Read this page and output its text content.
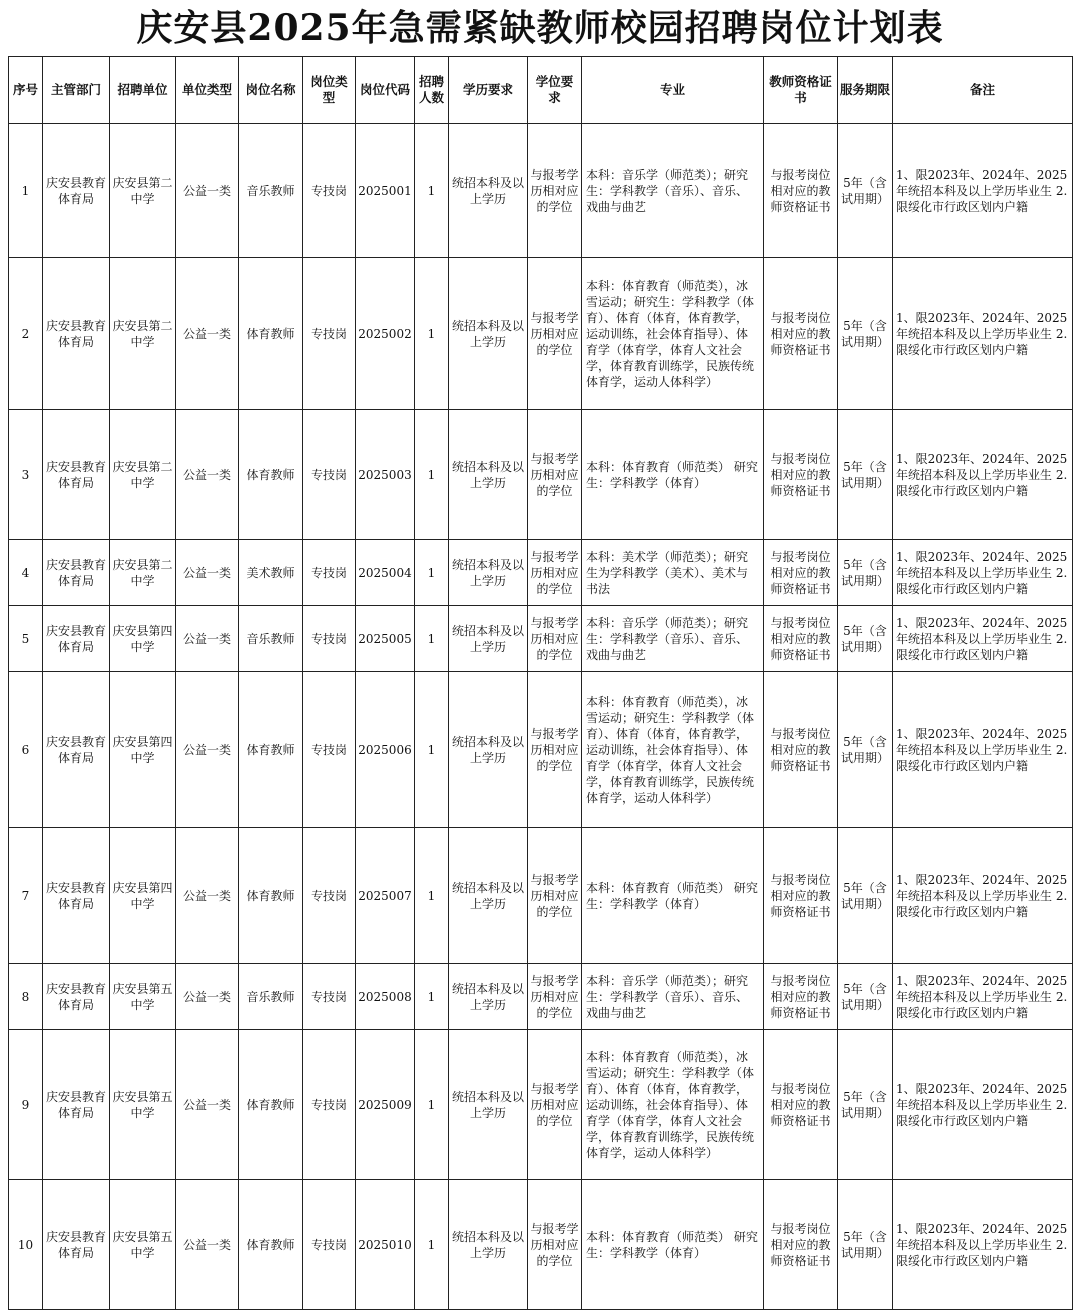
庆安县2025年急需紧缺教师校园招聘岗位计划表
序号	主管部门	招聘单位	单位类型	岗位名称	岗位类型	岗位代码	招聘人数	学历要求	学位要求	专业	教师资格证书	服务期限	备注
1	庆安县教育体育局	庆安县第二中学	公益一类	音乐教师	专技岗	2025001	1	统招本科及以上学历	与报考学历相对应的学位	本科：音乐学（师范类）；研究生：学科教学（音乐）、音乐、戏曲与曲艺	与报考岗位相对应的教师资格证书	5年（含试用期）	1、限2023年、2024年、2025年统招本科及以上学历毕业生 2. 限绥化市行政区划内户籍
2	庆安县教育体育局	庆安县第二中学	公益一类	体育教师	专技岗	2025002	1	统招本科及以上学历	与报考学历相对应的学位	本科：体育教育（师范类），冰雪运动；研究生：学科教学（体育）、体育（体育，体育教学，运动训练，社会体育指导）、体育学（体育学，体育人文社会学，体育教育训练学，民族传统体育学，运动人体科学）	与报考岗位相对应的教师资格证书	5年（含试用期）	1、限2023年、2024年、2025年统招本科及以上学历毕业生 2. 限绥化市行政区划内户籍
3	庆安县教育体育局	庆安县第二中学	公益一类	体育教师	专技岗	2025003	1	统招本科及以上学历	与报考学历相对应的学位	本科：体育教育（师范类） 研究生：学科教学（体育）	与报考岗位相对应的教师资格证书	5年（含试用期）	1、限2023年、2024年、2025年统招本科及以上学历毕业生 2. 限绥化市行政区划内户籍
4	庆安县教育体育局	庆安县第二中学	公益一类	美术教师	专技岗	2025004	1	统招本科及以上学历	与报考学历相对应的学位	本科：美术学（师范类）；研究生为学科教学（美术）、美术与书法	与报考岗位相对应的教师资格证书	5年（含试用期）	1、限2023年、2024年、2025年统招本科及以上学历毕业生 2. 限绥化市行政区划内户籍
5	庆安县教育体育局	庆安县第四中学	公益一类	音乐教师	专技岗	2025005	1	统招本科及以上学历	与报考学历相对应的学位	本科：音乐学（师范类）；研究生：学科教学（音乐）、音乐、戏曲与曲艺	与报考岗位相对应的教师资格证书	5年（含试用期）	1、限2023年、2024年、2025年统招本科及以上学历毕业生 2. 限绥化市行政区划内户籍
6	庆安县教育体育局	庆安县第四中学	公益一类	体育教师	专技岗	2025006	1	统招本科及以上学历	与报考学历相对应的学位	本科：体育教育（师范类），冰雪运动；研究生：学科教学（体育）、体育（体育，体育教学，运动训练，社会体育指导）、体育学（体育学，体育人文社会学，体育教育训练学，民族传统体育学，运动人体科学）	与报考岗位相对应的教师资格证书	5年（含试用期）	1、限2023年、2024年、2025年统招本科及以上学历毕业生 2. 限绥化市行政区划内户籍
7	庆安县教育体育局	庆安县第四中学	公益一类	体育教师	专技岗	2025007	1	统招本科及以上学历	与报考学历相对应的学位	本科：体育教育（师范类） 研究生：学科教学（体育）	与报考岗位相对应的教师资格证书	5年（含试用期）	1、限2023年、2024年、2025年统招本科及以上学历毕业生 2. 限绥化市行政区划内户籍
8	庆安县教育体育局	庆安县第五中学	公益一类	音乐教师	专技岗	2025008	1	统招本科及以上学历	与报考学历相对应的学位	本科：音乐学（师范类）；研究生：学科教学（音乐）、音乐、戏曲与曲艺	与报考岗位相对应的教师资格证书	5年（含试用期）	1、限2023年、2024年、2025年统招本科及以上学历毕业生 2. 限绥化市行政区划内户籍
9	庆安县教育体育局	庆安县第五中学	公益一类	体育教师	专技岗	2025009	1	统招本科及以上学历	与报考学历相对应的学位	本科：体育教育（师范类），冰雪运动；研究生：学科教学（体育）、体育（体育，体育教学，运动训练，社会体育指导）、体育学（体育学，体育人文社会学，体育教育训练学，民族传统体育学，运动人体科学）	与报考岗位相对应的教师资格证书	5年（含试用期）	1、限2023年、2024年、2025年统招本科及以上学历毕业生 2. 限绥化市行政区划内户籍
10	庆安县教育体育局	庆安县第五中学	公益一类	体育教师	专技岗	2025010	1	统招本科及以上学历	与报考学历相对应的学位	本科：体育教育（师范类） 研究生：学科教学（体育）	与报考岗位相对应的教师资格证书	5年（含试用期）	1、限2023年、2024年、2025年统招本科及以上学历毕业生 2. 限绥化市行政区划内户籍
